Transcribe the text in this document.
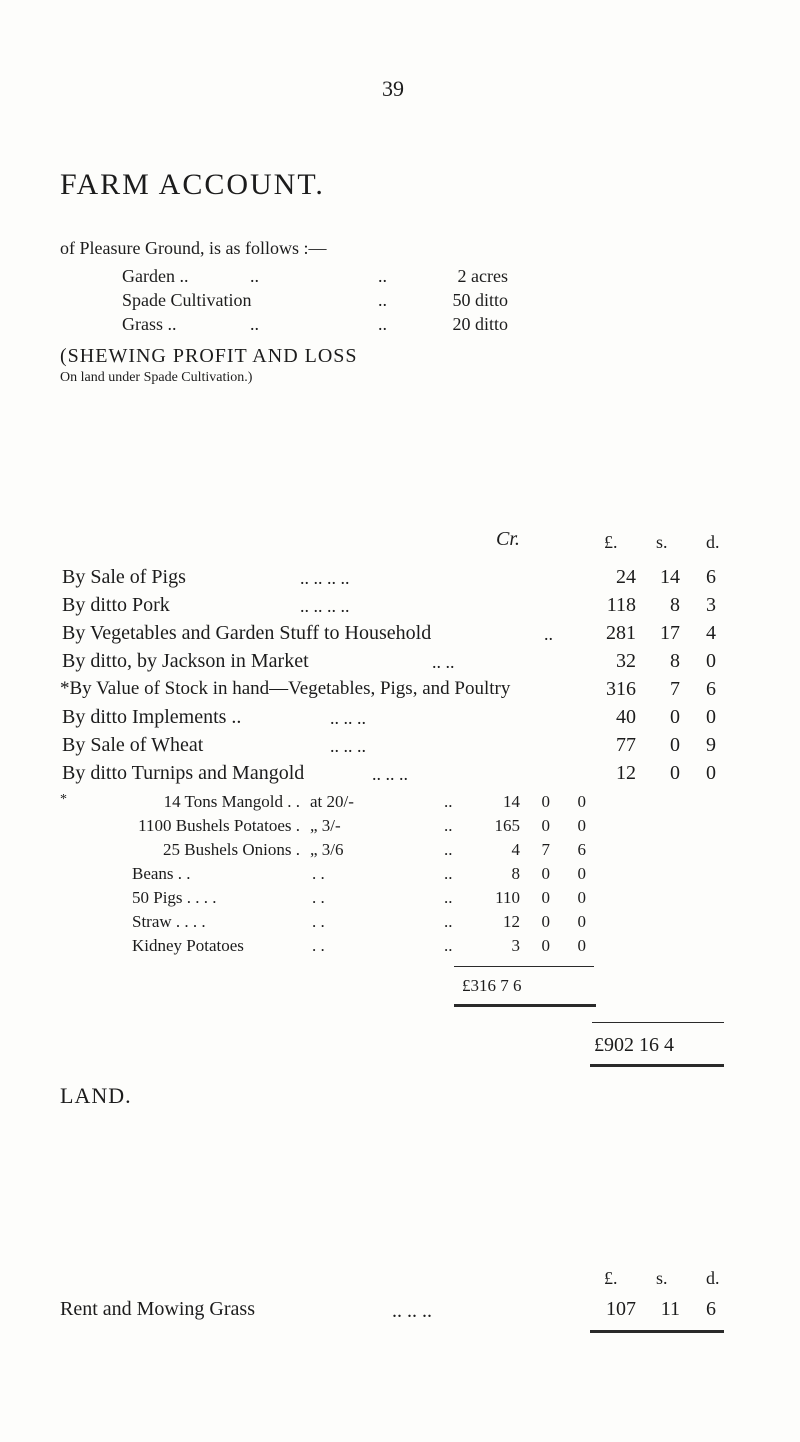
39
FARM ACCOUNT.
of Pleasure Ground, is as follows :—
Garden ..	..	..	2 acres
Spade Cultivation	..	50 ditto
Grass ..	..	..	20 ditto
(SHEWING PROFIT AND LOSS
On land under Spade Cultivation.)
Cr.	£. s. d.
By Sale of Pigs	.. .. .. ..	24	14	6
By ditto Pork	.. .. .. ..	118	8	3
By Vegetables and Garden Stuff to Household	..	281	17	4
By ditto, by Jackson in Market	.. ..	32	8	0
*By Value of Stock in hand—Vegetables, Pigs, and Poultry	316	7	6
By ditto Implements ..	.. .. ..	40	0	0
By Sale of Wheat	.. .. ..	77	0	9
By ditto Turnips and Mangold	.. .. ..	12	0	0
*	14 Tons Mangold . . at 20/-	..	14	0	0
1100 Bushels Potatoes . „ 3/-	..	165	0	0
25 Bushels Onions . „ 3/6	..	4	7	6
Beans . .	. .	..	8	0	0
50 Pigs . . . .	. .	..	110	0	0
Straw . . . .	. .	..	12	0	0
Kidney Potatoes	. .	..	3	0	0
£316 7 6
£902 16 4
LAND.
£. s. d.
Rent and Mowing Grass	.. .. ..	107	11	6
